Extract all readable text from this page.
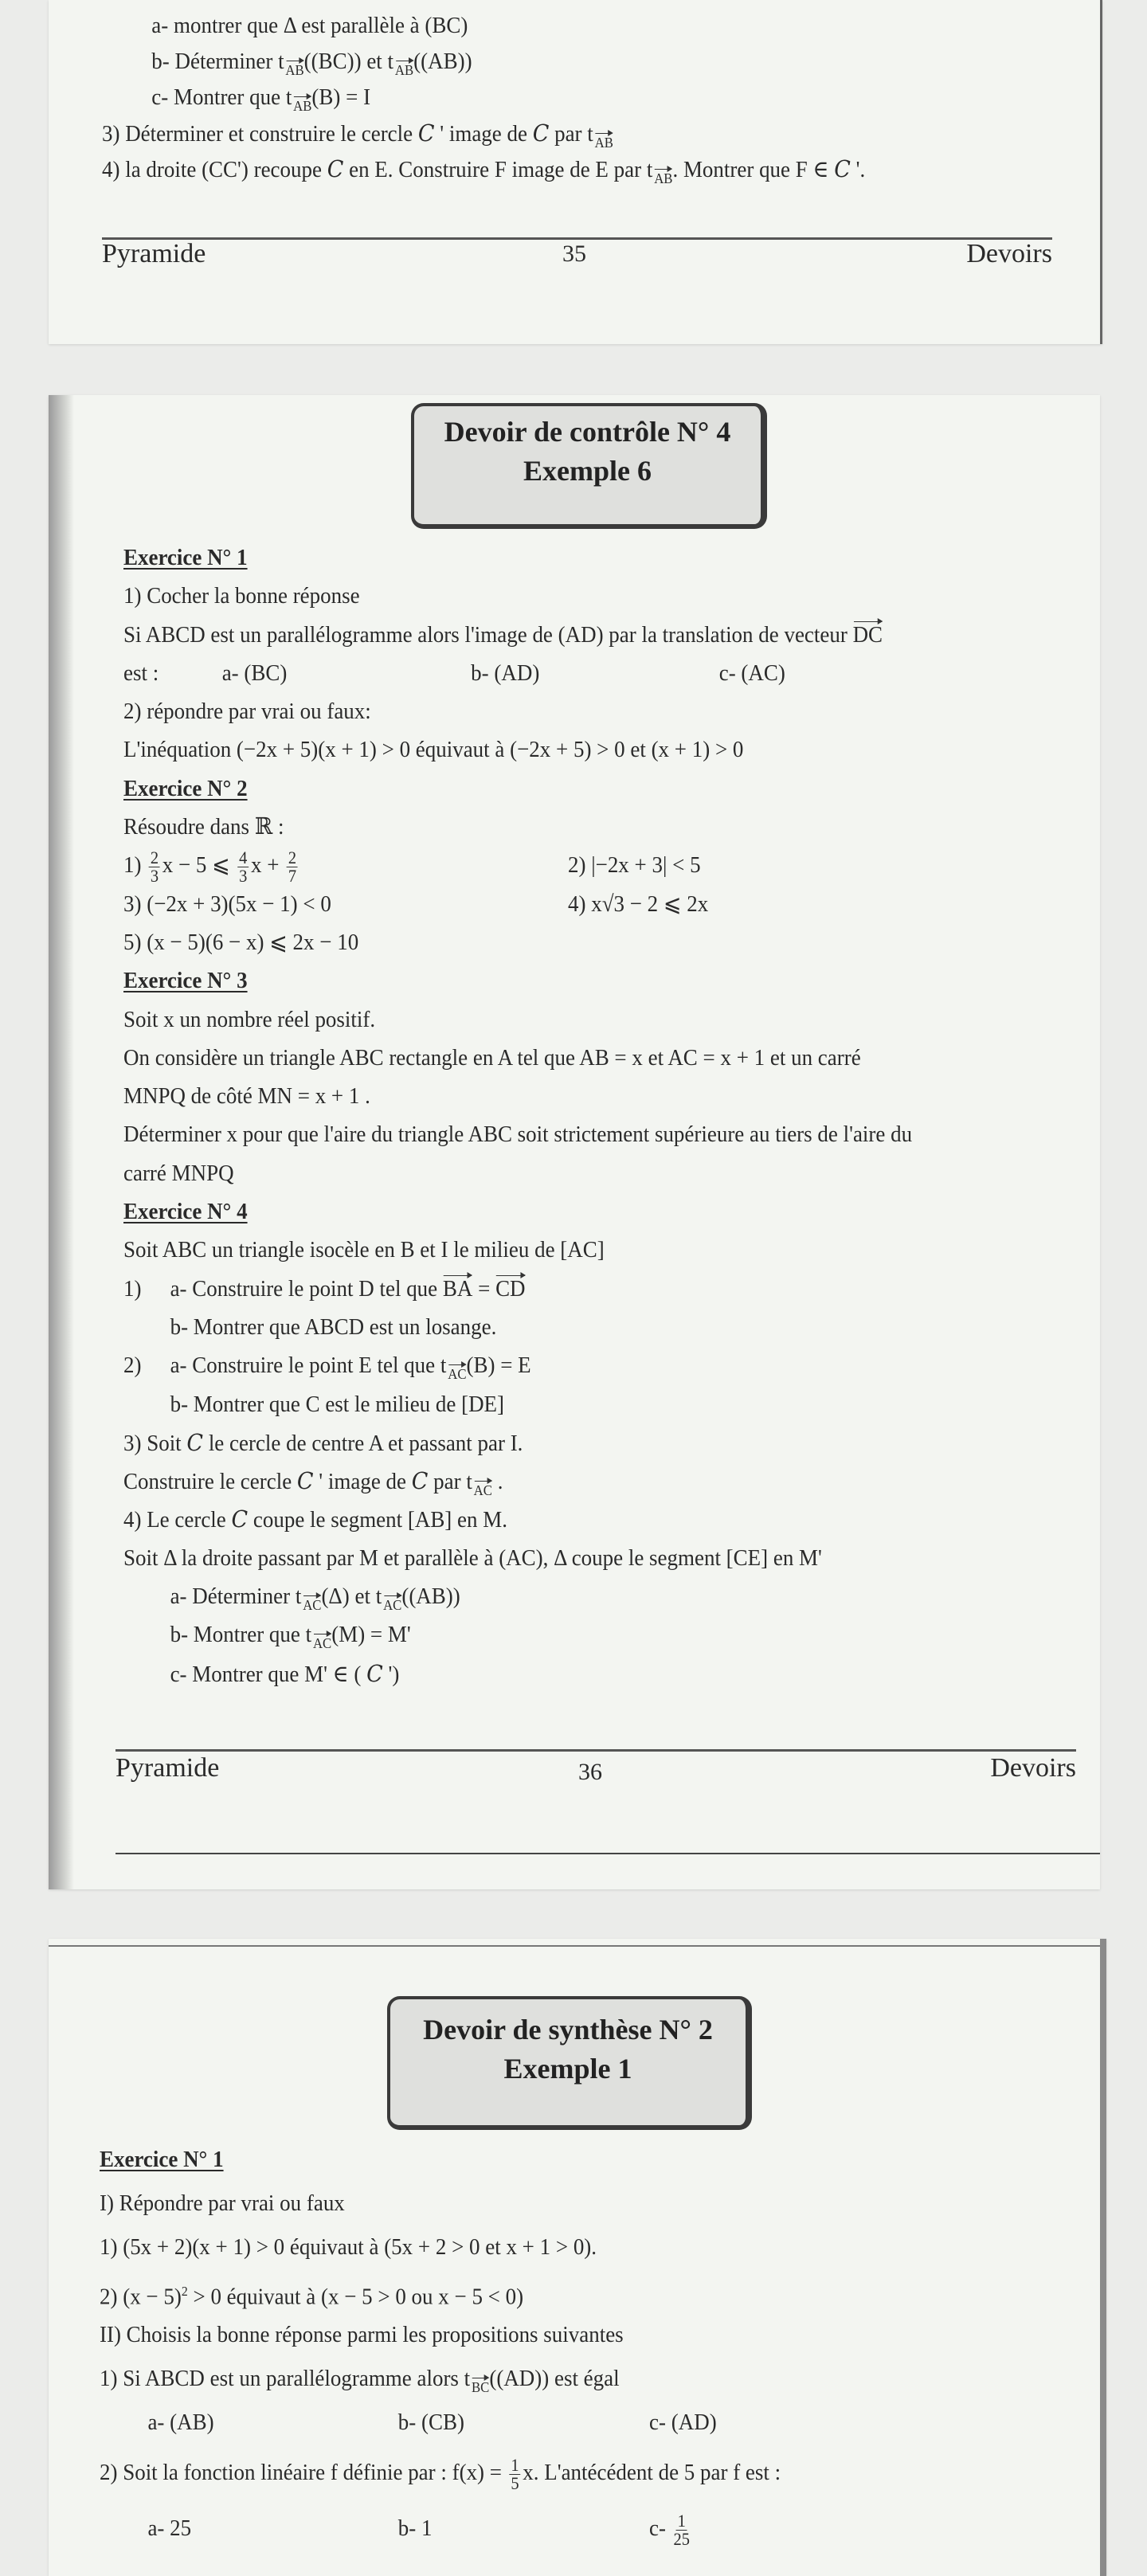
a- montrer que Δ est parallèle à (BC)
b- Déterminer t AB((BC)) et t AB((AB))
c- Montrer que t AB(B) = I
3) Déterminer et construire le cercle C ' image de C par t AB
4) la droite (CC') recoupe C en E. Construire F image de E par t AB. Montrer que F ∈ C '.
Pyramide	35	Devoirs
Devoir de contrôle N° 4
Exemple 6
Exercice N° 1
1) Cocher la bonne réponse
Si ABCD est un parallélogramme alors l'image de (AD) par la translation de vecteur DC
est :	a- (BC)	b- (AD)	c- (AC)
2) répondre par vrai ou faux:
L'inéquation (−2x + 5)(x + 1) > 0 équivaut à (−2x + 5) > 0 et (x + 1) > 0
Exercice N° 2
Résoudre dans ℝ :
$1) \frac{2}{3}$ x − 5 ⩽ $\frac{4}{3}$ $x + \frac{2}{7}$	2) |−2x + 3| < 5
3) (−2x + 3)(5x − 1) < 0	4) x√3 − 2 ⩽ 2x
5) (x − 5)(6 − x) ⩽ 2x − 10
Exercice N° 3
Soit x un nombre réel positif.
On considère un triangle ABC rectangle en A tel que AB = x et AC = x + 1 et un carré
MNPQ de côté MN = x + 1 .
Déterminer x pour que l'aire du triangle ABC soit strictement supérieure au tiers de l'aire du
carré MNPQ
Exercice N° 4
Soit ABC un triangle isocèle en B et I le milieu de [AC]
1) a- Construire le point D tel que BA = CD
b- Montrer que ABCD est un losange.
2) a- Construire le point E tel que t AC(B) = E
b- Montrer que C est le milieu de [DE]
3) Soit C le cercle de centre A et passant par I.
Construire le cercle C ' image de C par t AC .
4) Le cercle C coupe le segment [AB] en M.
Soit Δ la droite passant par M et parallèle à (AC), Δ coupe le segment [CE] en M'
a- Déterminer t AC(Δ) et t AC((AB))
b- Montrer que t AC(M) = M'
c- Montrer que M' ∈ ( C ')
Pyramide	36	Devoirs
Devoir de synthèse N° 2
Exemple 1
Exercice N° 1
I) Répondre par vrai ou faux
1) (5x + 2)(x + 1) > 0 équivaut à (5x + 2 > 0 et x + 1 > 0).
2) $(x - 5)^2 > 0$ équivaut à (x − 5 > 0 ou x − 5 < 0)
II) Choisis la bonne réponse parmi les propositions suivantes
1) Si ABCD est un parallélogramme alors t BC((AD)) est égal
a- (AB)	b- (CB)	c- (AD)
2) Soit la fonction linéaire f définie par : $f(x) = \frac{1}{5} x$. L'antécédent de 5 par f est :
a- 25	b- 1	$c- \frac{1}{25}$
